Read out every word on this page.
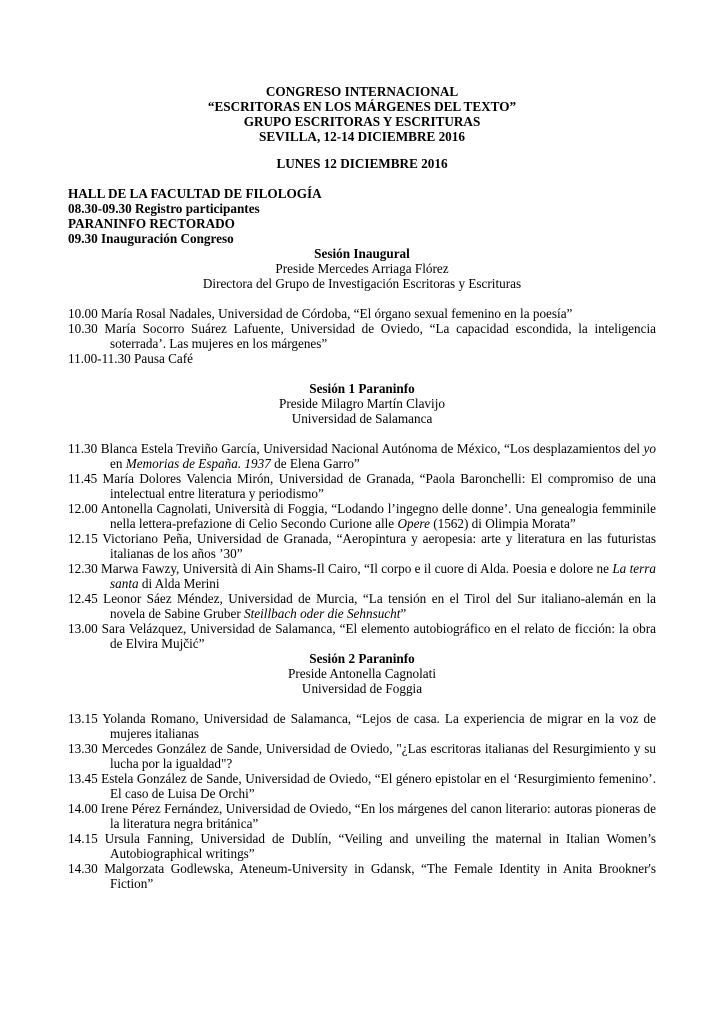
CONGRESO INTERNACIONAL
“ESCRITORAS EN LOS MÁRGENES DEL TEXTO”
GRUPO ESCRITORAS Y ESCRITURAS
SEVILLA, 12-14 DICIEMBRE 2016
LUNES 12 DICIEMBRE 2016
HALL DE LA FACULTAD DE FILOLOGÍA
08.30-09.30 Registro participantes
PARANINFO RECTORADO
09.30 Inauguración Congreso
Sesión Inaugural
Preside Mercedes Arriaga Flórez
Directora del Grupo de Investigación Escritoras y Escrituras
10.00 María Rosal Nadales, Universidad de Córdoba, “El órgano sexual femenino en la poesía”
10.30 María Socorro Suárez Lafuente, Universidad de Oviedo, “La capacidad escondida, la inteligencia soterrada’. Las mujeres en los márgenes”
11.00-11.30 Pausa Café
Sesión 1 Paraninfo
Preside Milagro Martín Clavijo
Universidad de Salamanca
11.30 Blanca Estela Treviño García, Universidad Nacional Autónoma de México, “Los desplazamientos del yo en Memorias de España. 1937 de Elena Garro”
11.45 María Dolores Valencia Mirón, Universidad de Granada, “Paola Baronchelli: El compromiso de una intelectual entre literatura y periodismo”
12.00 Antonella Cagnolati, Università di Foggia, “Lodando l’ingegno delle donne’. Una genealogia femminile nella lettera-prefazione di Celio Secondo Curione alle Opere (1562) di Olimpia Morata”
12.15 Victoriano Peña, Universidad de Granada, “Aeropintura y aeropesia: arte y literatura en las futuristas italianas de los años ’30”
12.30 Marwa Fawzy, Università di Ain Shams-Il Cairo, “Il corpo e il cuore di Alda. Poesia e dolore ne La terra santa di Alda Merini
12.45 Leonor Sáez Méndez, Universidad de Murcia, “La tensión en el Tirol del Sur italiano-alemán en la novela de Sabine Gruber Steillbach oder die Sehnsucht”
13.00 Sara Velázquez, Universidad de Salamanca, “El elemento autobiográfico en el relato de ficción: la obra de Elvira Mujčić”
Sesión 2 Paraninfo
Preside Antonella Cagnolati
Universidad de Foggia
13.15 Yolanda Romano, Universidad de Salamanca, “Lejos de casa. La experiencia de migrar en la voz de mujeres italianas
13.30 Mercedes González de Sande, Universidad de Oviedo, "¿Las escritoras italianas del Resurgimiento y su lucha por la igualdad"?
13.45 Estela González de Sande, Universidad de Oviedo, “El género epistolar en el ‘Resurgimiento femenino’. El caso de Luisa De Orchi”
14.00 Irene Pérez Fernández, Universidad de Oviedo, “En los márgenes del canon literario: autoras pioneras de la literatura negra británica”
14.15 Ursula Fanning, Universidad de Dublín, “Veiling and unveiling the maternal in Italian Women’s Autobiographical writings”
14.30 Malgorzata Godlewska, Ateneum-University in Gdansk, “The Female Identity in Anita Brookner's Fiction”
